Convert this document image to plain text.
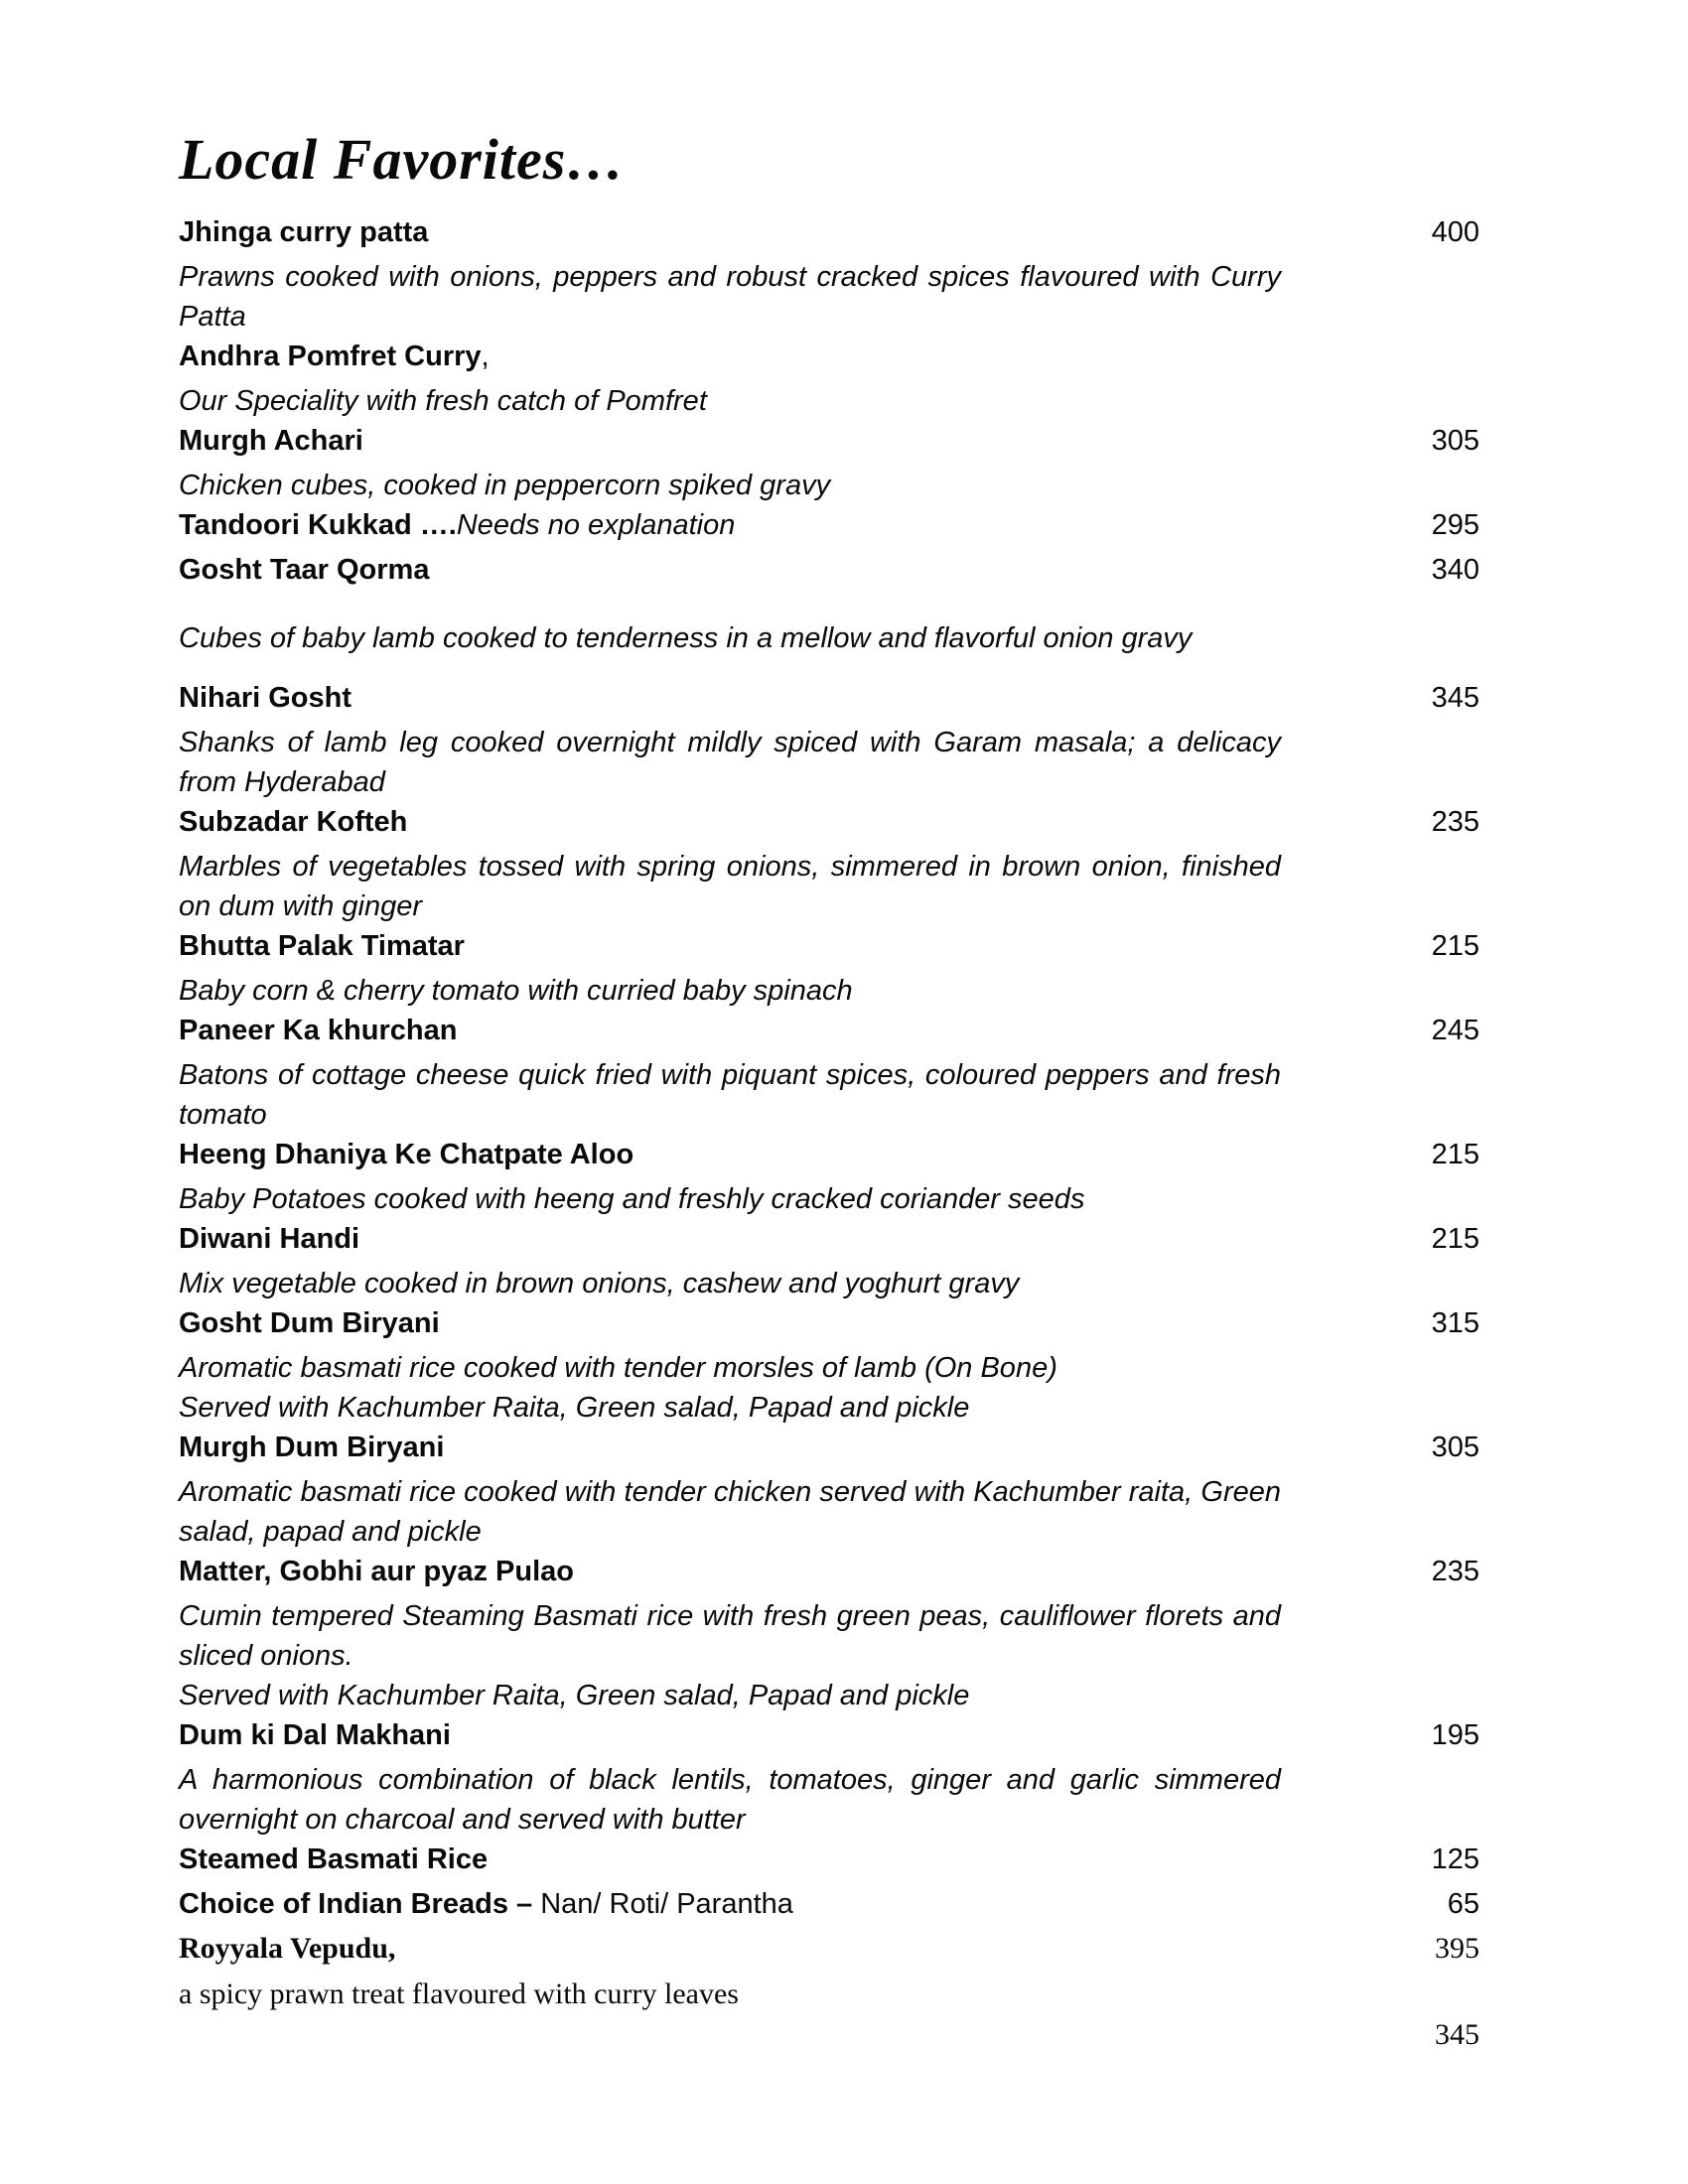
Local Favorites…
Jhinga curry patta	400

Prawns cooked with onions, peppers and robust cracked spices flavoured with Curry Patta

Andhra Pomfret Curry,

Our Speciality with fresh catch of Pomfret

Murgh Achari	305

Chicken cubes, cooked in peppercorn spiked gravy

Tandoori Kukkad ….Needs no explanation	295
Gosht Taar Qorma	340

Cubes of baby lamb cooked to tenderness in a mellow and flavorful onion gravy

Nihari Gosht	345

Shanks of lamb leg cooked overnight mildly spiced with Garam masala; a delicacy from Hyderabad

Subzadar Kofteh	235

Marbles of vegetables tossed with spring onions, simmered in brown onion, finished on dum with ginger

Bhutta Palak Timatar	215

Baby corn & cherry tomato with curried baby spinach

Paneer Ka khurchan	245

Batons of cottage cheese quick fried with piquant spices, coloured peppers and fresh tomato

Heeng Dhaniya Ke Chatpate Aloo	215

Baby Potatoes cooked with heeng and freshly cracked coriander seeds

Diwani Handi	215

Mix vegetable cooked in brown onions, cashew and yoghurt gravy

Gosht Dum Biryani	315

Aromatic basmati rice cooked with tender morsles of lamb (On Bone)

Served with Kachumber Raita, Green salad, Papad and pickle

Murgh Dum Biryani	305

Aromatic basmati rice cooked with tender chicken served with Kachumber raita, Green salad, papad and pickle

Matter, Gobhi aur pyaz Pulao	235

Cumin tempered Steaming Basmati rice with fresh green peas, cauliflower florets and sliced onions.

Served with Kachumber Raita, Green salad, Papad and pickle

Dum ki Dal Makhani	195

A harmonious combination of black lentils, tomatoes, ginger and garlic simmered overnight on charcoal and served with butter

Steamed Basmati Rice	125
Choice of Indian Breads – Nan/ Roti/ Parantha	65
Royyala Vepudu,	395

a spicy prawn treat flavoured with curry leaves

345
